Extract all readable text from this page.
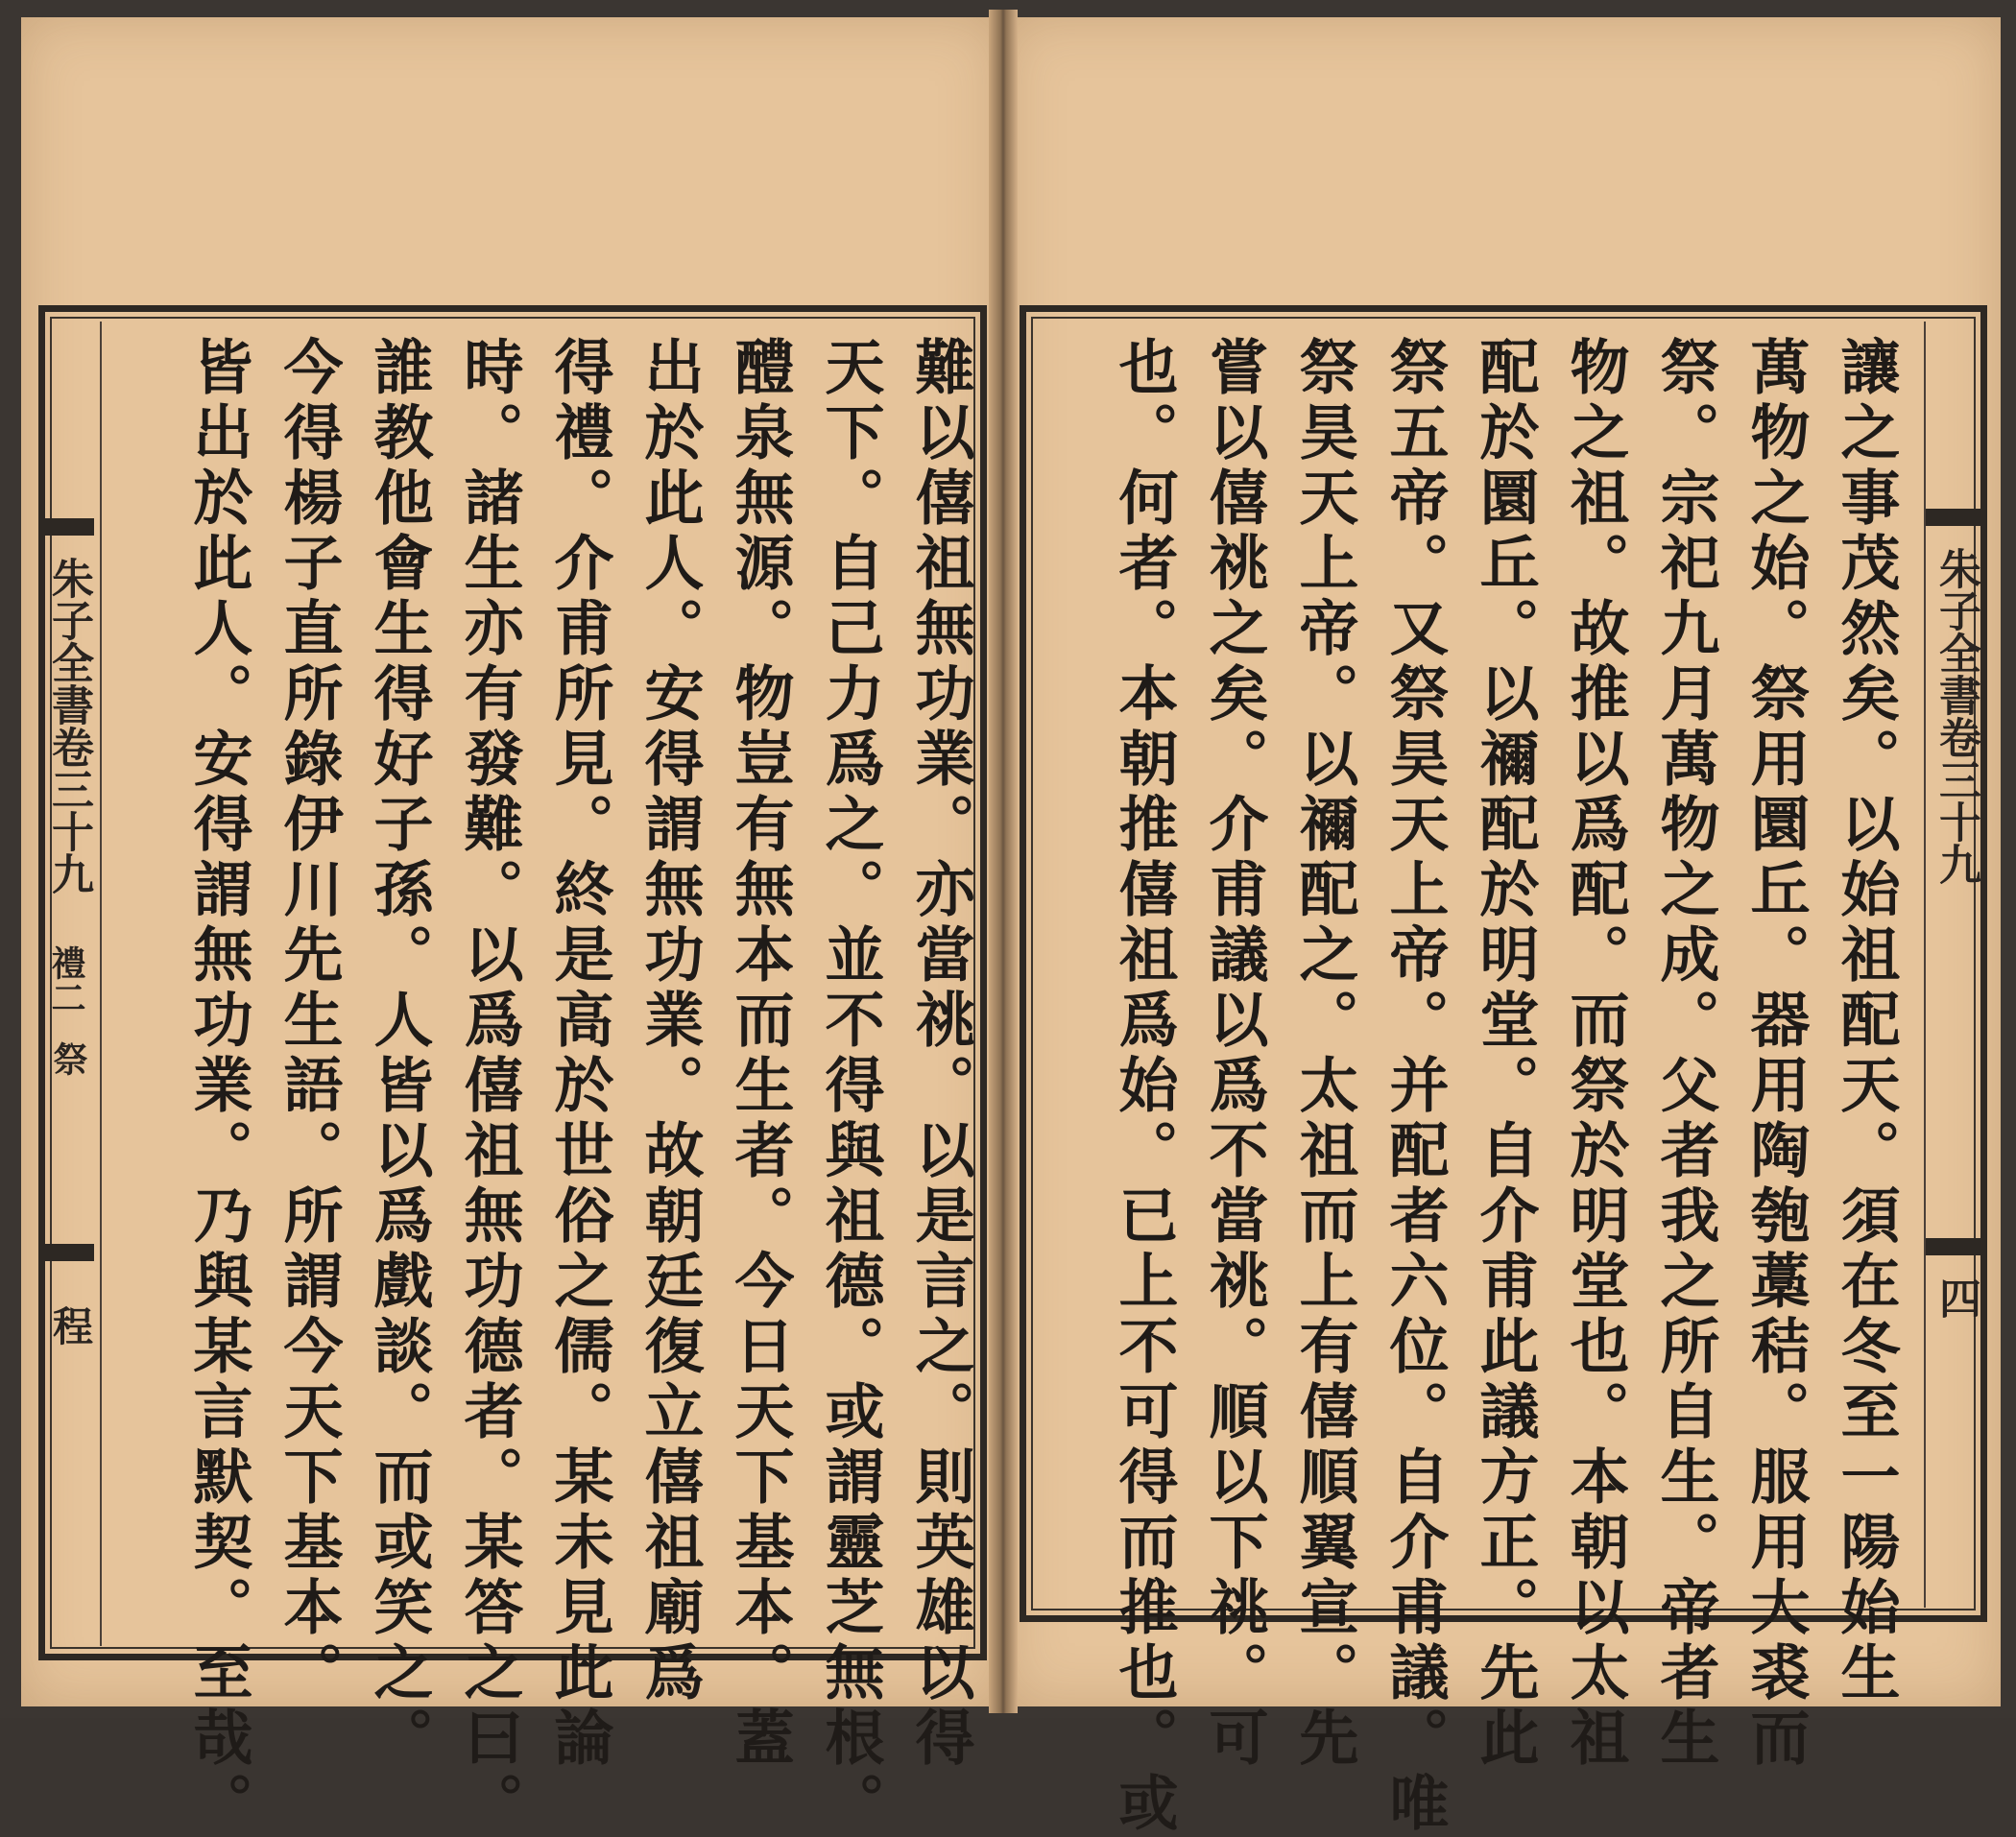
朱子全書卷三十九
禮二
祭
程	難以僖祖無功業。亦當祧。以是言之。則英雄以得
天下。自己力爲之。並不得與祖德。或謂靈芝無根。
醴泉無源。物豈有無本而生者。今日天下基本。蓋
出於此人。安得謂無功業。故朝廷復立僖祖廟爲
得禮。介甫所見。終是高於世俗之儒。某未見此論
時。諸生亦有發難。以爲僖祖無功德者。某答之曰。
誰教他會生得好子孫。人皆以爲戲談。而或笑之。
今得楊子直所錄伊川先生語。所謂今天下基本。
皆出於此人。安得謂無功業。乃與某言默契。至哉。	朱子全書卷三十九
四
讓之事茂然矣。以始祖配天。須在冬至一陽始生
萬物之始。祭用圜丘。器用陶匏藁秸。服用大裘而
祭。宗祀九月萬物之成。父者我之所自生。帝者生
物之祖。故推以爲配。而祭於明堂也。本朝以太祖
配於圜丘。以禰配於明堂。自介甫此議方正。先此
祭五帝。又祭昊天上帝。并配者六位。自介甫議。唯
祭昊天上帝。以禰配之。太祖而上有僖順翼宣。先
嘗以僖祧之矣。介甫議以爲不當祧。順以下祧。可
也。何者。本朝推僖祖爲始。已上不可得而推也。或
